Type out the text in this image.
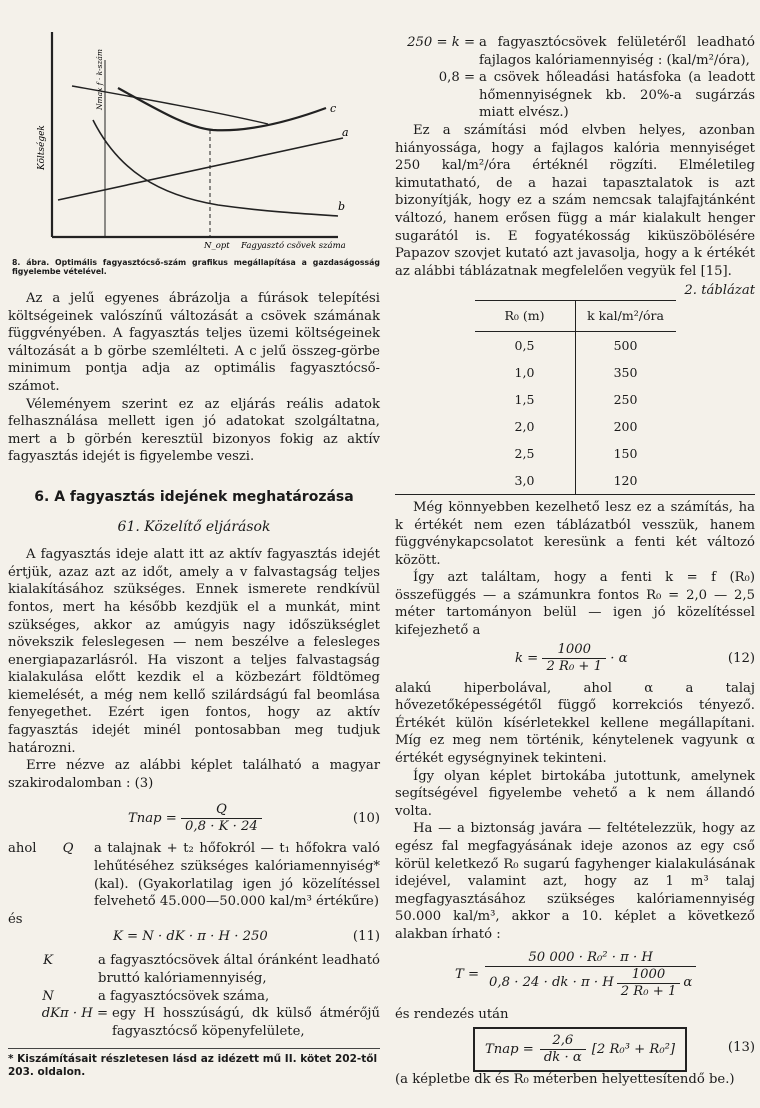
Költségek
Nmax f · k-szám
N_opt Fagyasztó csövek száma
c
a
b

8. ábra. Optimális fagyasztócső-szám grafikus megállapítása a gazdaságosság figyelembe vételével.

Az a jelű egyenes ábrázolja a fúrások telepítési költségeinek valószínű változását a csövek számának függvényében. A fagyasztás teljes üzemi költségeinek változását a b görbe szemlélteti. A c jelű összeg-görbe minimum pontja adja az optimális fagyasztócső-számot.

Véleményem szerint ez az eljárás reális adatok felhasználása mellett igen jó adatokat szolgáltatna, mert a b görbén keresztül bizonyos fokig az aktív fagyasztás idejét is figyelembe veszi.

6. A fagyasztás idejének meghatározása
61. Közelítő eljárások

A fagyasztás ideje alatt itt az aktív fagyasztás idejét értjük, azaz azt az időt, amely a v falvastagság teljes kialakításához szükséges. Ennek ismerete rendkívül fontos, mert ha később kezdjük el a munkát, mint szükséges, akkor az amúgyis nagy időszükséglet növekszik feleslegesen — nem beszélve a felesleges energiapazarlásról. Ha viszont a teljes falvastagság kialakulása előtt kezdik el a közbezárt földtömeg kiemelését, a még nem kellő szilárdságú fal beomlása fenyegethet. Ezért igen fontos, hogy az aktív fagyasztás idejét minél pontosabban meg tudjuk határozni.

Erre nézve az alábbi képlet található a magyar szakirodalomban : (3)

Tnap = $\frac{Q}{0,8 \cdot K \cdot 24}$	(10)
ahol	Q	a talajnak + t₂ hőfokról — t₁ hőfokra való lehűtéséhez szükséges kalóriamennyiség* (kal). (Gyakorlatilag igen jó közelítéssel felvehető 45.000—50.000 kal/m³ értékűre)
és
K = N · dK · π · H · 250	(11)
K	a fagyasztócsövek által óránként leadható bruttó kalóriamennyiség,
N	a fagyasztócsövek száma,
dKπ · H = egy H hosszúságú, dk külső átmérőjű fagyasztócső köpenyfelülete,
* Kiszámításait részletesen lásd az idézett mű II. kötet 202-től 203. oldalon.
250 = k = a fagyasztócsövek felületéről leadható fajlagos kalóriamennyiség : (kal/m²/óra),
0,8 = a csövek hőleadási hatásfoka (a leadott hőmennyiségnek kb. 20%-a sugárzás miatt elvész.)

Ez a számítási mód elvben helyes, azonban hiányossága, hogy a fajlagos kalória mennyiséget 250 kal/m²/óra értéknél rögzíti. Elméletileg kimutatható, de a hazai tapasztalatok is azt bizonyítják, hogy ez a szám nemcsak talajfajtánként változó, hanem erősen függ a már kialakult henger sugarától is. E fogyatékosság kiküszöbölésére Papazov szovjet kutató azt javasolja, hogy a k értékét az alábbi táblázatnak megfelelően vegyük fel [15].

2. táblázat
R₀ (m)	k kal/m²/óra
0,5	500
1,0	350
1,5	250
2,0	200
2,5	150
3,0	120

Még könnyebben kezelhető lesz ez a számítás, ha k értékét nem ezen táblázatból vesszük, hanem függvénykapcsolatot keresünk a fenti két változó között.

Így azt találtam, hogy a fenti k = f (R₀) összefüggés — a számunkra fontos R₀ = 2,0 — 2,5 méter tartományon belül — igen jó közelítéssel kifejezhető a

$k = \frac{1000}{\text{2 R₀ + 1}} \cdot \alpha$	(12)

alakú hiperbolával, ahol α a talaj hővezetőképességétől függő korrekciós tényező. Értékét külön kísérletekkel kellene megállapítani. Míg ez meg nem történik, kénytelenek vagyunk α értékét egységnyinek tekinteni.

Így olyan képlet birtokába jutottunk, amelynek segítségével figyelembe vehető a k nem állandó volta.

Ha — a biztonság javára — feltételezzük, hogy az egész fal megfagyásának ideje azonos az egy cső körül keletkező R₀ sugarú fagyhenger kialakulásának idejével, valamint azt, hogy az 1 m³ talaj megfagyasztásához szükséges kalóriamennyiség 50.000 kal/m³, akkor a 10. képlet a következő alakban írható :

T =
50 000 · R₀² · π · H
0,8 · 24 · dk · π · H $\frac{1000}{\text{2 R₀ + 1}}$ α
és rendezés után
Tnap = $\frac{2,6}{dk \cdot \alpha} [2$ R₀³ + R₀²]	(13)
(a képletbe dk és R₀ méterben helyettesítendő be.)
